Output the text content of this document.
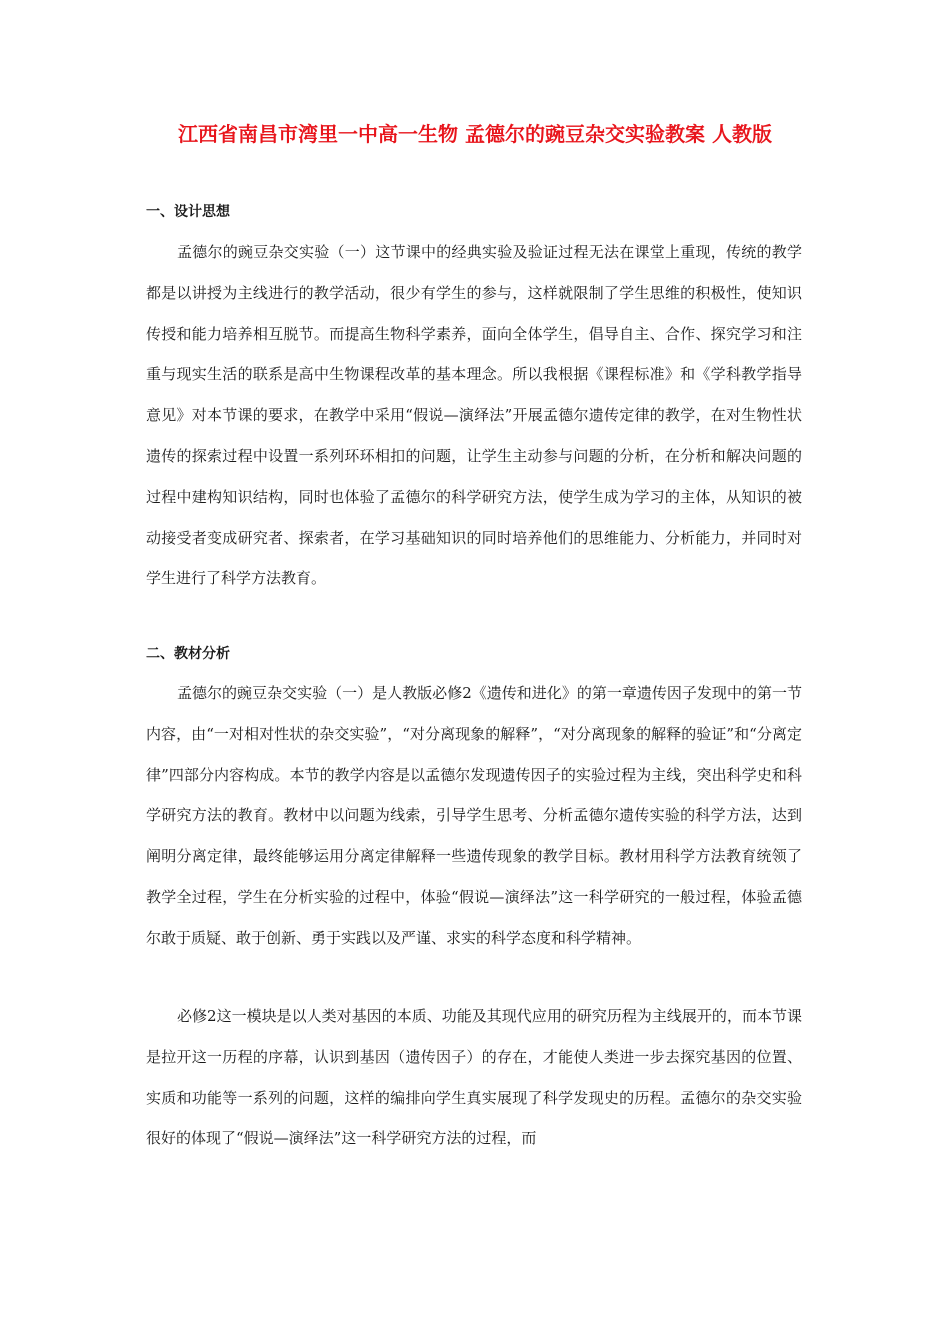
江西省南昌市湾里一中高一生物 孟德尔的豌豆杂交实验教案 人教版
一、设计思想

孟德尔的豌豆杂交实验（一）这节课中的经典实验及验证过程无法在课堂上重现，传统的教学都是以讲授为主线进行的教学活动，很少有学生的参与，这样就限制了学生思维的积极性，使知识传授和能力培养相互脱节。而提高生物科学素养，面向全体学生，倡导自主、合作、探究学习和注重与现实生活的联系是高中生物课程改革的基本理念。所以我根据《课程标准》和《学科教学指导意见》对本节课的要求，在教学中采用“假说—演绎法”开展孟德尔遗传定律的教学，在对生物性状遗传的探索过程中设置一系列环环相扣的问题，让学生主动参与问题的分析，在分析和解决问题的过程中建构知识结构，同时也体验了孟德尔的科学研究方法，使学生成为学习的主体，从知识的被动接受者变成研究者、探索者，在学习基础知识的同时培养他们的思维能力、分析能力，并同时对学生进行了科学方法教育。

二、教材分析

孟德尔的豌豆杂交实验（一）是人教版必修2《遗传和进化》的第一章遗传因子发现中的第一节内容，由“一对相对性状的杂交实验”，“对分离现象的解释”，“对分离现象的解释的验证”和“分离定律”四部分内容构成。本节的教学内容是以孟德尔发现遗传因子的实验过程为主线，突出科学史和科学研究方法的教育。教材中以问题为线索，引导学生思考、分析孟德尔遗传实验的科学方法，达到阐明分离定律，最终能够运用分离定律解释一些遗传现象的教学目标。教材用科学方法教育统领了教学全过程，学生在分析实验的过程中，体验“假说—演绎法”这一科学研究的一般过程，体验孟德尔敢于质疑、敢于创新、勇于实践以及严谨、求实的科学态度和科学精神。

必修2这一模块是以人类对基因的本质、功能及其现代应用的研究历程为主线展开的，而本节课是拉开这一历程的序幕，认识到基因（遗传因子）的存在，才能使人类进一步去探究基因的位置、实质和功能等一系列的问题，这样的编排向学生真实展现了科学发现史的历程。孟德尔的杂交实验很好的体现了“假说—演绎法”这一科学研究方法的过程，而
